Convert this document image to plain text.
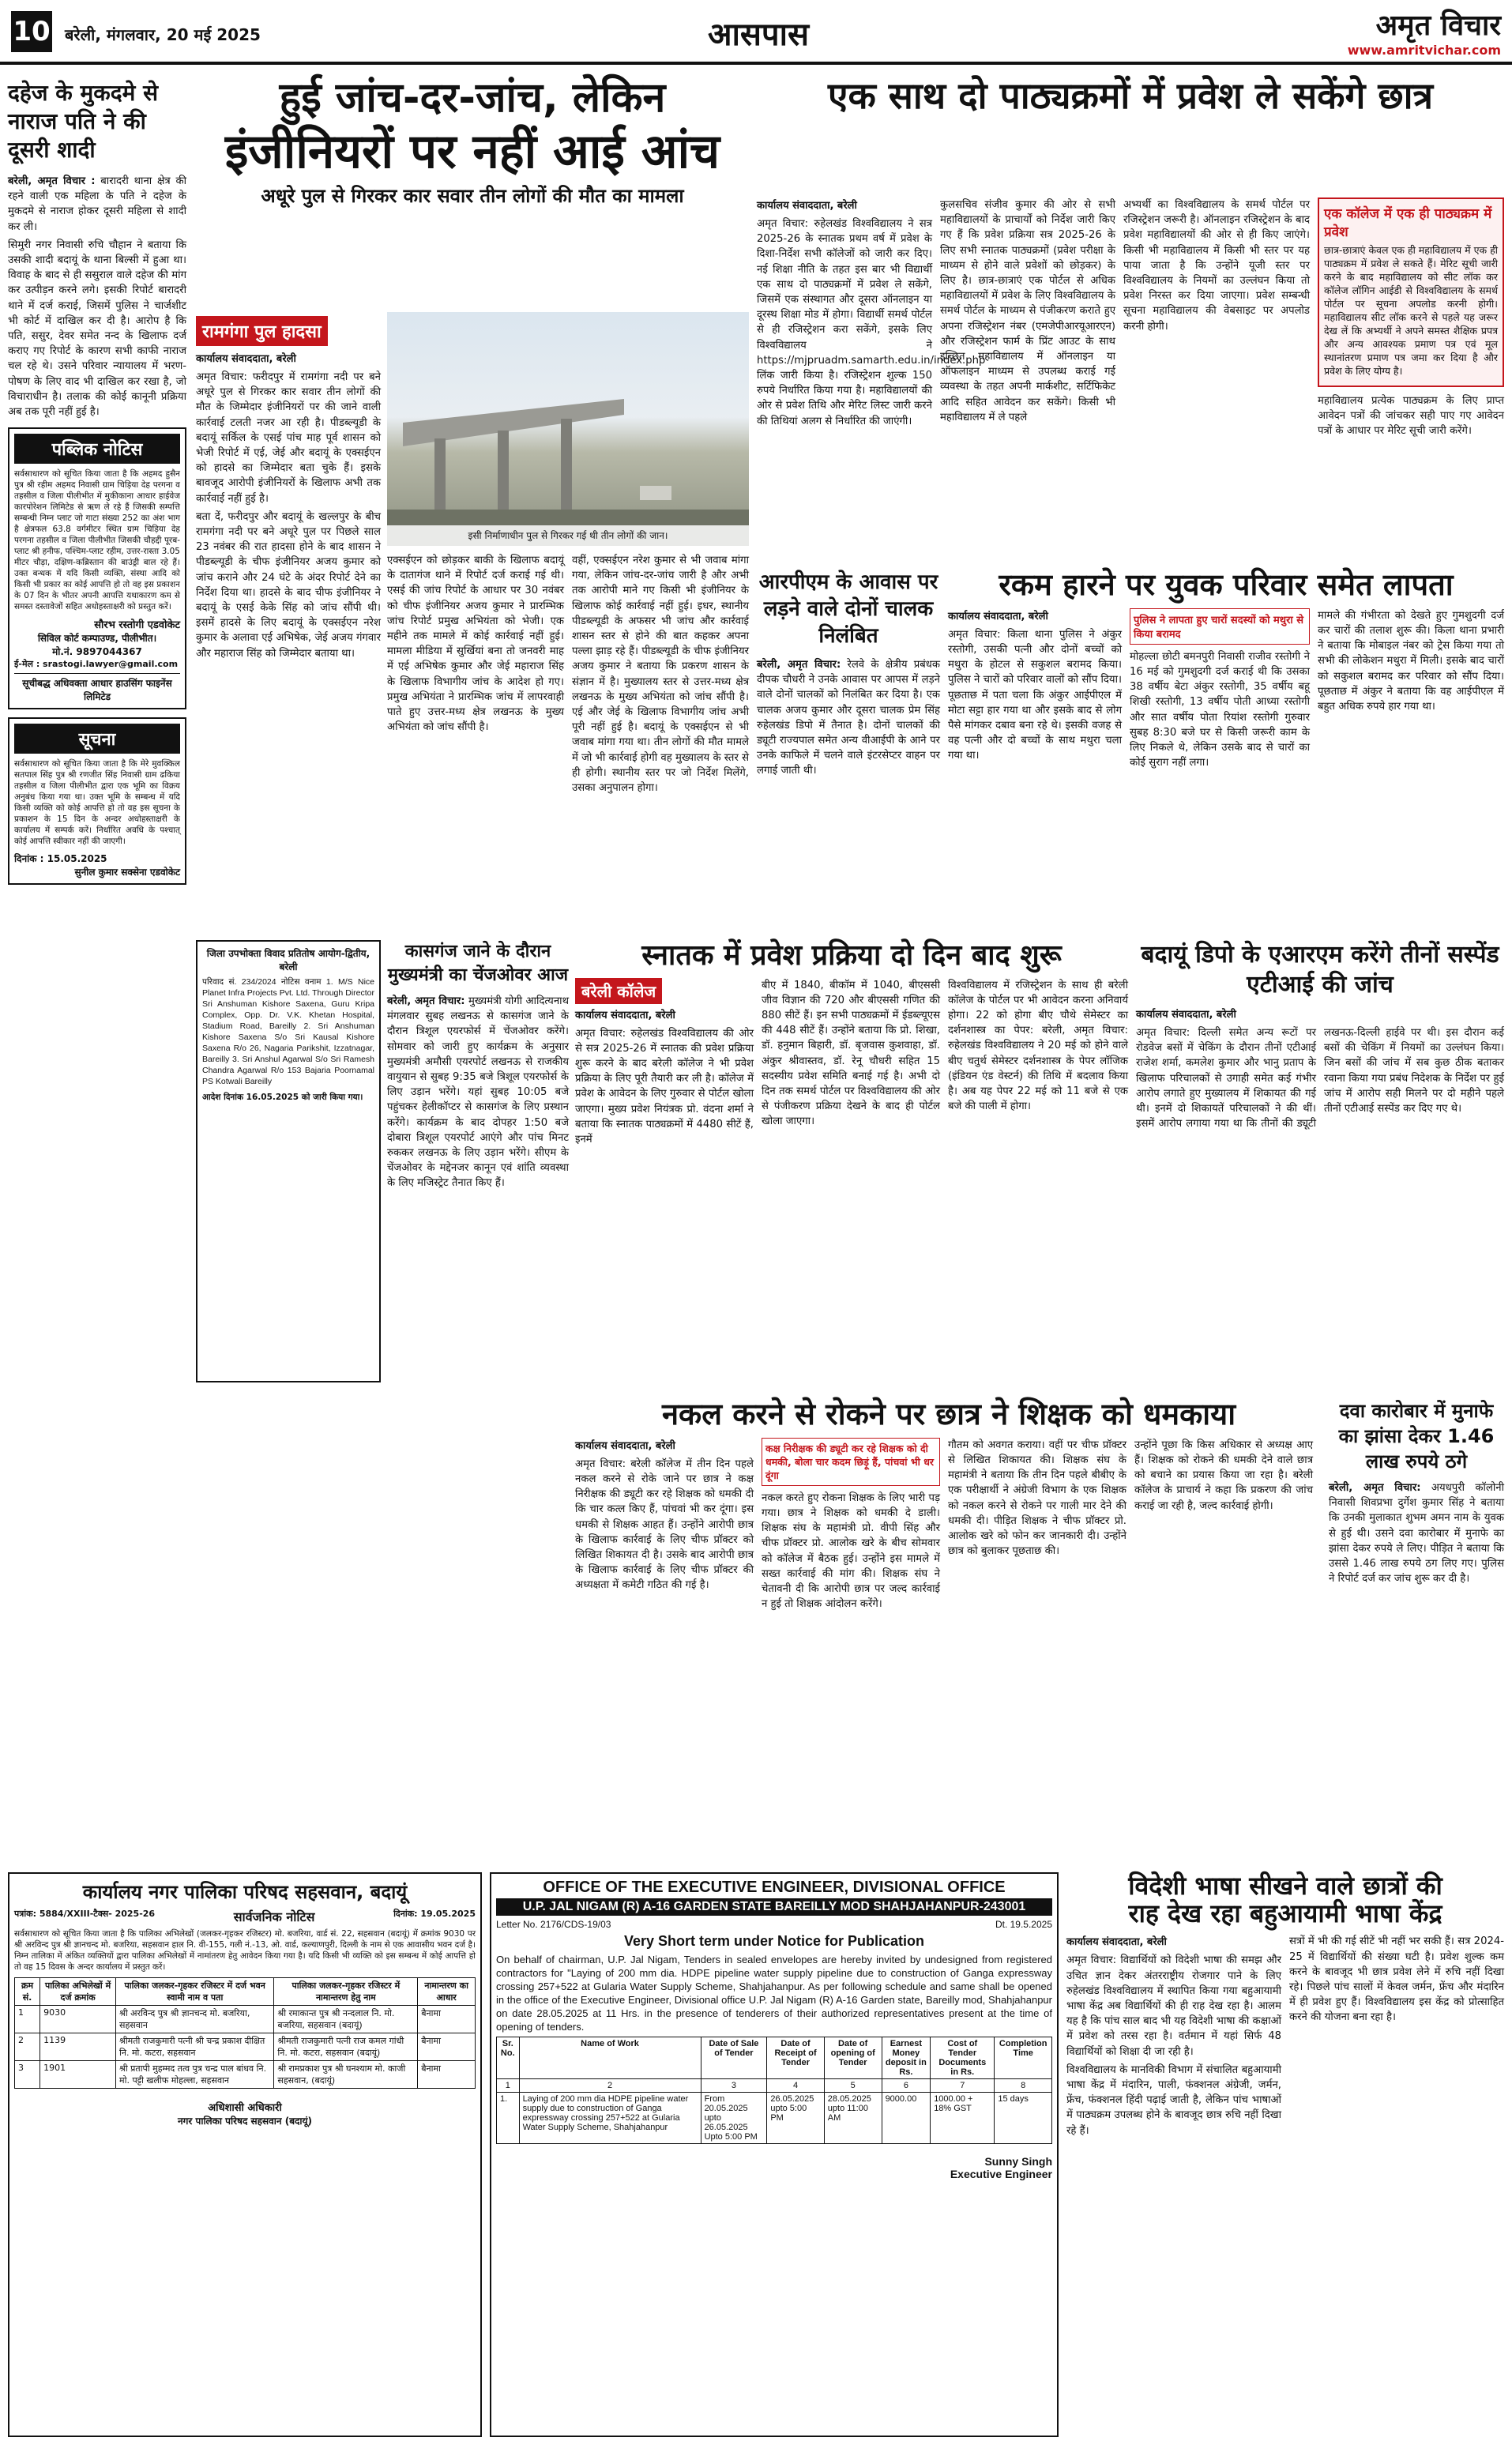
10 बरेली, मंगलवार, 20 मई 2025	आसपास	अमृत विचार
www.amritvichar.com
दहेज के मुकदमे से नाराज पति ने की दूसरी शादी

बरेली, अमृत विचार : बारादरी थाना क्षेत्र की रहने वाली एक महिला के पति ने दहेज के मुकदमे से नाराज होकर दूसरी महिला से शादी कर ली।

सिमुरी नगर निवासी रुचि चौहान ने बताया कि उसकी शादी बदायूं के थाना बिल्सी में हुआ था। विवाह के बाद से ही ससुराल वाले दहेज की मांग कर उत्पीड़न करने लगे। इसकी रिपोर्ट बारादरी थाने में दर्ज कराई, जिसमें पुलिस ने चार्जशीट भी कोर्ट में दाखिल कर दी है। आरोप है कि पति, ससुर, देवर समेत नन्द के खिलाफ दर्ज कराए गए रिपोर्ट के कारण सभी काफी नाराज चल रहे थे। उसने परिवार न्यायालय में भरण-पोषण के लिए वाद भी दाखिल कर रखा है, जो विचाराधीन है। तलाक की कोई कानूनी प्रक्रिया अब तक पूरी नहीं हुई है।

पब्लिक नोटिस

सर्वसाधारण को सूचित किया जाता है कि अहमद हुसैन पुत्र श्री रहीम अहमद निवासी ग्राम चिड़िया देह परगना व तहसील व जिला पीलीभीत में मुकीकाना आधार हाईवेज कारपोरेशन लिमिटेड से ऋण ले रहे हैं जिसकी सम्पत्ति सम्बन्धी निम्न प्लाट जो गाटा संख्या 252 का अंश भाग है क्षेत्रफल 63.8 वर्गमीटर स्थित ग्राम चिड़िया देह परगना तहसील व जिला पीलीभीत जिसकी चौहद्दी पूरब-प्लाट श्री हनीफ, पश्चिम-प्लाट रहीम, उत्तर-रास्ता 3.05 मीटर चौड़ा, दक्षिण-कब्रिस्तान की बाउंड्री बाल रहे हैं। उक्त बन्धक में यदि किसी व्यक्ति, संस्था आदि को किसी भी प्रकार का कोई आपत्ति हो तो वह इस प्रकाशन के 07 दिन के भीतर अपनी आपत्ति यथाकारण कम से समस्त दस्तावेजों सहित अधोहस्ताक्षरी को प्रस्तुत करें।

सौरभ रस्तोगी एडवोकेट
सिविल कोर्ट कम्पाउण्ड, पीलीभीत।
मो.नं. 9897044367
ई-मेल : srastogi.lawyer@gmail.com
सूचीबद्ध अधिवक्ता आधार हाउसिंग फाइनेंस लिमिटेड
सूचना

सर्वसाधारण को सूचित किया जाता है कि मेरे मुवक्किल सतपाल सिंह पुत्र श्री रणजीत सिंह निवासी ग्राम ढकिया तहसील व जिला पीलीभीत द्वारा एक भूमि का विक्रय अनुबंध किया गया था। उक्त भूमि के सम्बन्ध में यदि किसी व्यक्ति को कोई आपत्ति हो तो वह इस सूचना के प्रकाशन के 15 दिन के अन्दर अधोहस्ताक्षरी के कार्यालय में सम्पर्क करें। निर्धारित अवधि के पश्चात् कोई आपत्ति स्वीकार नहीं की जाएगी।

दिनांक : 15.05.2025
सुनील कुमार सक्सेना एडवोकेट
हुई जांच-दर-जांच, लेकिन
इंजीनियरों पर नहीं आई आंच
अधूरे पुल से गिरकर कार सवार तीन लोगों की मौत का मामला
रामगंगा पुल हादसा
कार्यालय संवाददाता, बरेली

अमृत विचार: फरीदपुर में रामगंगा नदी पर बने अधूरे पुल से गिरकर कार सवार तीन लोगों की मौत के जिम्मेदार इंजीनियरों पर की जाने वाली कार्रवाई टलती नजर आ रही है। पीडब्ल्यूडी के बदायूं सर्किल के एसई पांच माह पूर्व शासन को भेजी रिपोर्ट में एई, जेई और बदायूं के एक्सईएन को हादसे का जिम्मेदार बता चुके हैं। इसके बावजूद आरोपी इंजीनियरों के खिलाफ अभी तक कार्रवाई नहीं हुई है।

बता दें, फरीदपुर और बदायूं के खल्लपुर के बीच रामगंगा नदी पर बने अधूरे पुल पर पिछले साल 23 नवंबर की रात हादसा होने के बाद शासन ने पीडब्ल्यूडी के चीफ इंजीनियर अजय कुमार को जांच कराने और 24 घंटे के अंदर रिपोर्ट देने का निर्देश दिया था। हादसे के बाद चीफ इंजीनियर ने बदायूं के एसई केके सिंह को जांच सौंपी थी। इसमें हादसे के लिए बदायूं के एक्सईएन नरेश कुमार के अलावा एई अभिषेक, जेई अजय गंगवार और महाराज सिंह को जिम्मेदार बताया था।

इसी निर्माणाधीन पुल से गिरकर गई थी तीन लोगों की जान।

एक्सईएन को छोड़कर बाकी के खिलाफ बदायूं के दातागंज थाने में रिपोर्ट दर्ज कराई गई थी। एसई की जांच रिपोर्ट के आधार पर 30 नवंबर को चीफ इंजीनियर अजय कुमार ने प्रारम्भिक जांच रिपोर्ट प्रमुख अभियंता को भेजी। एक महीने तक मामले में कोई कार्रवाई नहीं हुई। मामला मीडिया में सुर्खियां बना तो जनवरी माह में एई अभिषेक कुमार और जेई महाराज सिंह के खिलाफ विभागीय जांच के आदेश हो गए। प्रमुख अभियंता ने प्रारम्भिक जांच में लापरवाही पाते हुए उत्तर-मध्य क्षेत्र लखनऊ के मुख्य अभियंता को जांच सौंपी है।

वहीं, एक्सईएन नरेश कुमार से भी जवाब मांगा गया, लेकिन जांच-दर-जांच जारी है और अभी तक आरोपी माने गए किसी भी इंजीनियर के खिलाफ कोई कार्रवाई नहीं हुई। इधर, स्थानीय पीडब्ल्यूडी के अफसर भी जांच और कार्रवाई शासन स्तर से होने की बात कहकर अपना पल्ला झाड़ रहे हैं। पीडब्ल्यूडी के चीफ इंजीनियर अजय कुमार ने बताया कि प्रकरण शासन के संज्ञान में है। मुख्यालय स्तर से उत्तर-मध्य क्षेत्र लखनऊ के मुख्य अभियंता को जांच सौंपी है। एई और जेई के खिलाफ विभागीय जांच अभी पूरी नहीं हुई है। बदायूं के एक्सईएन से भी जवाब मांगा गया था। तीन लोगों की मौत मामले में जो भी कार्रवाई होगी वह मुख्यालय के स्तर से ही होगी। स्थानीय स्तर पर जो निर्देश मिलेंगे, उसका अनुपालन होगा।

एक साथ दो पाठ्यक्रमों में प्रवेश ले सकेंगे छात्र
कार्यालय संवाददाता, बरेली

अमृत विचार: रुहेलखंड विश्वविद्यालय ने सत्र 2025-26 के स्नातक प्रथम वर्ष में प्रवेश के दिशा-निर्देश सभी कॉलेजों को जारी कर दिए। नई शिक्षा नीति के तहत इस बार भी विद्यार्थी एक साथ दो पाठ्यक्रमों में प्रवेश ले सकेंगे, जिसमें एक संस्थागत और दूसरा ऑनलाइन या दूरस्थ शिक्षा मोड में होगा। विद्यार्थी समर्थ पोर्टल से ही रजिस्ट्रेशन करा सकेंगे, इसके लिए विश्वविद्यालय ने https://mjpruadm.samarth.edu.in/index.php लिंक जारी किया है। रजिस्ट्रेशन शुल्क 150 रुपये निर्धारित किया गया है। महाविद्यालयों की ओर से प्रवेश तिथि और मेरिट लिस्ट जारी करने की तिथियां अलग से निर्धारित की जाएंगी।

कुलसचिव संजीव कुमार की ओर से सभी महाविद्यालयों के प्राचार्यों को निर्देश जारी किए गए हैं कि प्रवेश प्रक्रिया सत्र 2025-26 के लिए सभी स्नातक पाठ्यक्रमों (प्रवेश परीक्षा के माध्यम से होने वाले प्रवेशों को छोड़कर) के लिए है। छात्र-छात्राएं एक पोर्टल से अधिक महाविद्यालयों में प्रवेश के लिए विश्वविद्यालय के समर्थ पोर्टल के माध्यम से पंजीकरण कराते हुए अपना रजिस्ट्रेशन नंबर (एमजेपीआरयूआरएन) और रजिस्ट्रेशन फार्म के प्रिंट आउट के साथ इच्छित महाविद्यालय में ऑनलाइन या ऑफलाइन माध्यम से उपलब्ध कराई गई व्यवस्था के तहत अपनी मार्कशीट, सर्टिफिकेट आदि सहित आवेदन कर सकेंगे। किसी भी महाविद्यालय में ले पहले

अभ्यर्थी का विश्वविद्यालय के समर्थ पोर्टल पर रजिस्ट्रेशन जरूरी है। ऑनलाइन रजिस्ट्रेशन के बाद प्रवेश महाविद्यालयों की ओर से ही किए जाएंगे। किसी भी महाविद्यालय में किसी भी स्तर पर यह पाया जाता है कि उन्होंने यूजी स्तर पर विश्वविद्यालय के नियमों का उल्लंघन किया तो प्रवेश निरस्त कर दिया जाएगा। प्रवेश सम्बन्धी सूचना महाविद्यालय की वेबसाइट पर अपलोड करनी होगी।

एक कॉलेज में एक ही पाठ्यक्रम में प्रवेश

छात्र-छात्राएं केवल एक ही महाविद्यालय में एक ही पाठ्यक्रम में प्रवेश ले सकते हैं। मेरिट सूची जारी करने के बाद महाविद्यालय को सीट लॉक कर कॉलेज लॉगिन आईडी से विश्वविद्यालय के समर्थ पोर्टल पर सूचना अपलोड करनी होगी। महाविद्यालय सीट लॉक करने से पहले यह जरूर देख लें कि अभ्यर्थी ने अपने समस्त शैक्षिक प्रपत्र और अन्य आवश्यक प्रमाण पत्र एवं मूल स्थानांतरण प्रमाण पत्र जमा कर दिया है और प्रवेश के लिए योग्य है।

महाविद्यालय प्रत्येक पाठ्यक्रम के लिए प्राप्त आवेदन पत्रों की जांचकर सही पाए गए आवेदन पत्रों के आधार पर मेरिट सूची जारी करेंगे।

आरपीएम के आवास पर लड़ने वाले दोनों चालक निलंबित

बरेली, अमृत विचार: रेलवे के क्षेत्रीय प्रबंधक दीपक चौधरी ने उनके आवास पर आपस में लड़ने वाले दोनों चालकों को निलंबित कर दिया है। एक चालक अजय कुमार और दूसरा चालक प्रेम सिंह रुहेलखंड डिपो में तैनात है। दोनों चालकों की ड्यूटी राज्यपाल समेत अन्य वीआईपी के आने पर उनके काफिले में चलने वाले इंटरसेप्टर वाहन पर लगाई जाती थी।

रकम हारने पर युवक परिवार समेत लापता
कार्यालय संवाददाता, बरेली

अमृत विचार: किला थाना पुलिस ने अंकुर रस्तोगी, उसकी पत्नी और दोनों बच्चों को मथुरा के होटल से सकुशल बरामद किया। पुलिस ने चारों को परिवार वालों को सौंप दिया। पूछताछ में पता चला कि अंकुर आईपीएल में मोटा सट्टा हार गया था और इसके बाद से लोग पैसे मांगकर दबाव बना रहे थे। इसकी वजह से वह पत्नी और दो बच्चों के साथ मथुरा चला गया था।

पुलिस ने लापता हुए चारों सदस्यों को मथुरा से किया बरामद

मोहल्ला छोटी बमनपुरी निवासी राजीव रस्तोगी ने 16 मई को गुमशुदगी दर्ज कराई थी कि उसका 38 वर्षीय बेटा अंकुर रस्तोगी, 35 वर्षीय बहू शिखी रस्तोगी, 13 वर्षीय पोती आध्या रस्तोगी और सात वर्षीय पोता रियांश रस्तोगी गुरुवार सुबह 8:30 बजे घर से किसी जरूरी काम के लिए निकले थे, लेकिन उसके बाद से चारों का कोई सुराग नहीं लगा।

मामले की गंभीरता को देखते हुए गुमशुदगी दर्ज कर चारों की तलाश शुरू की। किला थाना प्रभारी ने बताया कि मोबाइल नंबर को ट्रेस किया गया तो सभी की लोकेशन मथुरा में मिली। इसके बाद चारों को सकुशल बरामद कर परिवार को सौंप दिया। पूछताछ में अंकुर ने बताया कि वह आईपीएल में बहुत अधिक रुपये हार गया था।

जिला उपभोक्ता विवाद प्रतितोष आयोग-द्वितीय, बरेली

परिवाद सं. 234/2024 नोटिस वनाम 1. M/S Nice Planet Infra Projects Pvt. Ltd. Through Director Sri Anshuman Kishore Saxena, Guru Kripa Complex, Opp. Dr. V.K. Khetan Hospital, Stadium Road, Bareilly 2. Sri Anshuman Kishore Saxena S/o Sri Kausal Kishore Saxena R/o 26, Nagaria Parikshit, Izzatnagar, Bareilly 3. Sri Anshul Agarwal S/o Sri Ramesh Chandra Agarwal R/o 153 Bajaria Poornamal PS Kotwali Bareilly

आदेश दिनांक 16.05.2025 को जारी किया गया।

कासगंज जाने के दौरान मुख्यमंत्री का चेंजओवर आज

बरेली, अमृत विचार: मुख्यमंत्री योगी आदित्यनाथ मंगलवार सुबह लखनऊ से कासगंज जाने के दौरान त्रिशूल एयरफोर्स में चेंजओवर करेंगे। सोमवार को जारी हुए कार्यक्रम के अनुसार मुख्यमंत्री अमौसी एयरपोर्ट लखनऊ से राजकीय वायुयान से सुबह 9:35 बजे त्रिशूल एयरफोर्स के लिए उड़ान भरेंगे। यहां सुबह 10:05 बजे पहुंचकर हेलीकॉप्टर से कासगंज के लिए प्रस्थान करेंगे। कार्यक्रम के बाद दोपहर 1:50 बजे दोबारा त्रिशूल एयरपोर्ट आएंगे और पांच मिनट रुककर लखनऊ के लिए उड़ान भरेंगे। सीएम के चेंजओवर के मद्देनजर कानून एवं शांति व्यवस्था के लिए मजिस्ट्रेट तैनात किए हैं।

स्नातक में प्रवेश प्रक्रिया दो दिन बाद शुरू
बरेली कॉलेज
कार्यालय संवाददाता, बरेली

अमृत विचार: रुहेलखंड विश्वविद्यालय की ओर से सत्र 2025-26 में स्नातक की प्रवेश प्रक्रिया शुरू करने के बाद बरेली कॉलेज ने भी प्रवेश प्रक्रिया के लिए पूरी तैयारी कर ली है। कॉलेज में प्रवेश के आवेदन के लिए गुरुवार से पोर्टल खोला जाएगा। मुख्य प्रवेश नियंत्रक प्रो. वंदना शर्मा ने बताया कि स्नातक पाठ्यक्रमों में 4480 सीटें हैं, इनमें

बीए में 1840, बीकॉम में 1040, बीएससी जीव विज्ञान की 720 और बीएससी गणित की 880 सीटें हैं। इन सभी पाठ्यक्रमों में ईडब्ल्यूएस की 448 सीटें हैं। उन्होंने बताया कि प्रो. शिखा, डॉ. हनुमान बिहारी, डॉ. बृजवास कुशवाहा, डॉ. अंकुर श्रीवास्तव, डॉ. रेनू चौधरी सहित 15 सदस्यीय प्रवेश समिति बनाई गई है। अभी दो दिन तक समर्थ पोर्टल पर विश्वविद्यालय की ओर से पंजीकरण प्रक्रिया देखने के बाद ही पोर्टल खोला जाएगा।

विश्वविद्यालय में रजिस्ट्रेशन के साथ ही बरेली कॉलेज के पोर्टल पर भी आवेदन करना अनिवार्य होगा। 22 को होगा बीए चौथे सेमेस्टर का दर्शनशास्त्र का पेपर: बरेली, अमृत विचार: रुहेलखंड विश्वविद्यालय ने 20 मई को होने वाले बीए चतुर्थ सेमेस्टर दर्शनशास्त्र के पेपर लॉजिक (इंडियन एंड वेस्टर्न) की तिथि में बदलाव किया है। अब यह पेपर 22 मई को 11 बजे से एक बजे की पाली में होगा।

बदायूं डिपो के एआरएम करेंगे तीनों सस्पेंड एटीआई की जांच
कार्यालय संवाददाता, बरेली

अमृत विचार: दिल्ली समेत अन्य रूटों पर रोडवेज बसों में चेकिंग के दौरान तीनों एटीआई राजेश शर्मा, कमलेश कुमार और भानु प्रताप के खिलाफ परिचालकों से उगाही समेत कई गंभीर आरोप लगाते हुए मुख्यालय में शिकायत की गई थी। इनमें दो शिकायतें परिचालकों ने की थीं। इसमें आरोप लगाया गया था कि तीनों की ड्यूटी लखनऊ-दिल्ली हाईवे पर थी। इस दौरान कई बसों की चेकिंग में नियमों का उल्लंघन किया। जिन बसों की जांच में सब कुछ ठीक बताकर रवाना किया गया प्रबंध निदेशक के निर्देश पर हुई जांच में आरोप सही मिलने पर दो महीने पहले तीनों एटीआई सस्पेंड कर दिए गए थे।

नकल करने से रोकने पर छात्र ने शिक्षक को धमकाया
कार्यालय संवाददाता, बरेली

अमृत विचार: बरेली कॉलेज में तीन दिन पहले नकल करने से रोके जाने पर छात्र ने कक्ष निरीक्षक की ड्यूटी कर रहे शिक्षक को धमकी दी कि चार कत्ल किए हैं, पांचवां भी कर दूंगा। इस धमकी से शिक्षक आहत हैं। उन्होंने आरोपी छात्र के खिलाफ कार्रवाई के लिए चीफ प्रॉक्टर को लिखित शिकायत दी है। उसके बाद आरोपी छात्र के खिलाफ कार्रवाई के लिए चीफ प्रॉक्टर की अध्यक्षता में कमेटी गठित की गई है।

कक्ष निरीक्षक की ड्यूटी कर रहे शिक्षक को दी धमकी, बोला चार कदम छिड़ूं हैं, पांचवां भी धर दूंगा

नकल करते हुए रोकना शिक्षक के लिए भारी पड़ गया। छात्र ने शिक्षक को धमकी दे डाली। शिक्षक संघ के महामंत्री प्रो. वीपी सिंह और चीफ प्रॉक्टर प्रो. आलोक खरे के बीच सोमवार को कॉलेज में बैठक हुई। उन्होंने इस मामले में सख्त कार्रवाई की मांग की। शिक्षक संघ ने चेतावनी दी कि आरोपी छात्र पर जल्द कार्रवाई न हुई तो शिक्षक आंदोलन करेंगे।

गौतम को अवगत कराया। वहीं पर चीफ प्रॉक्टर से लिखित शिकायत की। शिक्षक संघ के महामंत्री ने बताया कि तीन दिन पहले बीबीए के एक परीक्षार्थी ने अंग्रेजी विभाग के एक शिक्षक को नकल करने से रोकने पर गाली मार देने की धमकी दी। पीड़ित शिक्षक ने चीफ प्रॉक्टर प्रो. आलोक खरे को फोन कर जानकारी दी। उन्होंने छात्र को बुलाकर पूछताछ की।

उन्होंने पूछा कि किस अधिकार से अध्यक्ष आए हैं। शिक्षक को रोकने की धमकी देने वाले छात्र को बचाने का प्रयास किया जा रहा है। बरेली कॉलेज के प्राचार्य ने कहा कि प्रकरण की जांच कराई जा रही है, जल्द कार्रवाई होगी।

दवा कारोबार में मुनाफे का झांसा देकर 1.46 लाख रुपये ठगे

बरेली, अमृत विचार: अयधपुरी कॉलोनी निवासी शिवप्रभा दुर्गेश कुमार सिंह ने बताया कि उनकी मुलाकात शुभम अमन नाम के युवक से हुई थी। उसने दवा कारोबार में मुनाफे का झांसा देकर रुपये ले लिए। पीड़ित ने बताया कि उससे 1.46 लाख रुपये ठग लिए गए। पुलिस ने रिपोर्ट दर्ज कर जांच शुरू कर दी है।

कार्यालय नगर पालिका परिषद सहसवान, बदायूं
पत्रांक: 5884/XXIII-टैक्स- 2025-26	सार्वजनिक नोटिस	दिनांक: 19.05.2025

सर्वसाधारण को सूचित किया जाता है कि पालिका अभिलेखों (जलकर-गृहकर रजिस्टर) मो. बजरिया, वार्ड सं. 22, सहसवान (बदायूं) में क्रमांक 9030 पर श्री अरविन्द पुत्र श्री ज्ञानचन्द मो. बजरिया, सहसवान हाल नि. वी-155, गली नं.-13, ओ. वार्ड, कल्याणपुरी, दिल्ली के नाम से एक आवासीय भवन दर्ज है। निम्न तालिका में अंकित व्यक्तियों द्वारा पालिका अभिलेखों में नामांतरण हेतु आवेदन किया गया है। यदि किसी भी व्यक्ति को इस सम्बन्ध में कोई आपत्ति हो तो वह 15 दिवस के अन्दर कार्यालय में प्रस्तुत करें।

क्रम सं.	पालिका अभिलेखों में दर्ज क्रमांक	पालिका जलकर-गृहकर रजिस्टर में दर्ज भवन स्वामी नाम व पता	पालिका जलकर-गृहकर रजिस्टर में नामान्तरण हेतु नाम	नामान्तरण का आधार
1	9030	श्री अरविन्द पुत्र श्री ज्ञानचन्द मो. बजरिया, सहसवान	श्री रमाकान्त पुत्र श्री नन्दलाल नि. मो. बजरिया, सहसवान (बदायूं)	बैनामा
2	1139	श्रीमती राजकुमारी पत्नी श्री चन्द्र प्रकाश दीक्षित नि. मो. कटरा, सहसवान	श्रीमती राजकुमारी पत्नी राज कमल गांधी नि. मो. कटरा, सहसवान (बदायूं)	बैनामा
3	1901	श्री प्रतापी मुहम्मद तत्व पुत्र चन्द्र पाल बांधव नि. मो. पट्टी खलीफ मोहल्ला, सहसवान	श्री रामप्रकाश पुत्र श्री घनश्याम मो. काजी सहसवान, (बदायूं)	बैनामा
अधिशासी अधिकारी
नगर पालिका परिषद सहसवान (बदायूं)
OFFICE OF THE EXECUTIVE ENGINEER, DIVISIONAL OFFICE
U.P. JAL NIGAM (R) A-16 GARDEN STATE BAREILLY MOD SHAHJAHANPUR-243001
Letter No. 2176/CDS-19/03	Dt. 19.5.2025
Very Short term under Notice for Publication

On behalf of chairman, U.P. Jal Nigam, Tenders in sealed envelopes are hereby invited by undesigned from registered contractors for "Laying of 200 mm dia. HDPE pipeline water supply pipeline due to construction of Ganga expressway crossing 257+522 at Gularia Water Supply Scheme, Shahjahanpur. As per following schedule and same shall be opened in the office of the Executive Engineer, Divisional office U.P. Jal Nigam (R) A-16 Garden state, Bareilly mod, Shahjahanpur on date 28.05.2025 at 11 Hrs. in the presence of tenderers of their authorized representatives present at the time of opening of tenders.

Sr. No.	Name of Work	Date of Sale of Tender	Date of Receipt of Tender	Date of opening of Tender	Earnest Money deposit in Rs.	Cost of Tender Documents in Rs.	Completion Time
1	2	3	4	5	6	7	8
1.	Laying of 200 mm dia HDPE pipeline water supply due to construction of Ganga expressway crossing 257+522 at Gularia Water Supply Scheme, Shahjahanpur	From 20.05.2025 upto 26.05.2025 Upto 5:00 PM	26.05.2025 upto 5:00 PM	28.05.2025 upto 11:00 AM	9000.00	1000.00 + 18% GST	15 days
Sunny Singh
Executive Engineer
विदेशी भाषा सीखने वाले छात्रों की
राह देख रहा बहुआयामी भाषा केंद्र
कार्यालय संवाददाता, बरेली

अमृत विचार: विद्यार्थियों को विदेशी भाषा की समझ और उचित ज्ञान देकर अंतरराष्ट्रीय रोजगार पाने के लिए रुहेलखंड विश्वविद्यालय में स्थापित किया गया बहुआयामी भाषा केंद्र अब विद्यार्थियों की ही राह देख रहा है। आलम यह है कि पांच साल बाद भी यह विदेशी भाषा की कक्षाओं में प्रवेश को तरस रहा है। वर्तमान में यहां सिर्फ 48 विद्यार्थियों को शिक्षा दी जा रही है।

विश्वविद्यालय के मानविकी विभाग में संचालित बहुआयामी भाषा केंद्र में मंदारिन, पाली, फंक्शनल अंग्रेजी, जर्मन, फ्रेंच, फंक्शनल हिंदी पढ़ाई जाती है, लेकिन पांच भाषाओं में पाठ्यक्रम उपलब्ध होने के बावजूद छात्र रुचि नहीं दिखा रहे हैं।

सत्रों में भी की गई सीटें भी नहीं भर सकी हैं। सत्र 2024-25 में विद्यार्थियों की संख्या घटी है। प्रवेश शुल्क कम करने के बावजूद भी छात्र प्रवेश लेने में रुचि नहीं दिखा रहे। पिछले पांच सालों में केवल जर्मन, फ्रेंच और मंदारिन में ही प्रवेश हुए हैं। विश्वविद्यालय इस केंद्र को प्रोत्साहित करने की योजना बना रहा है।
